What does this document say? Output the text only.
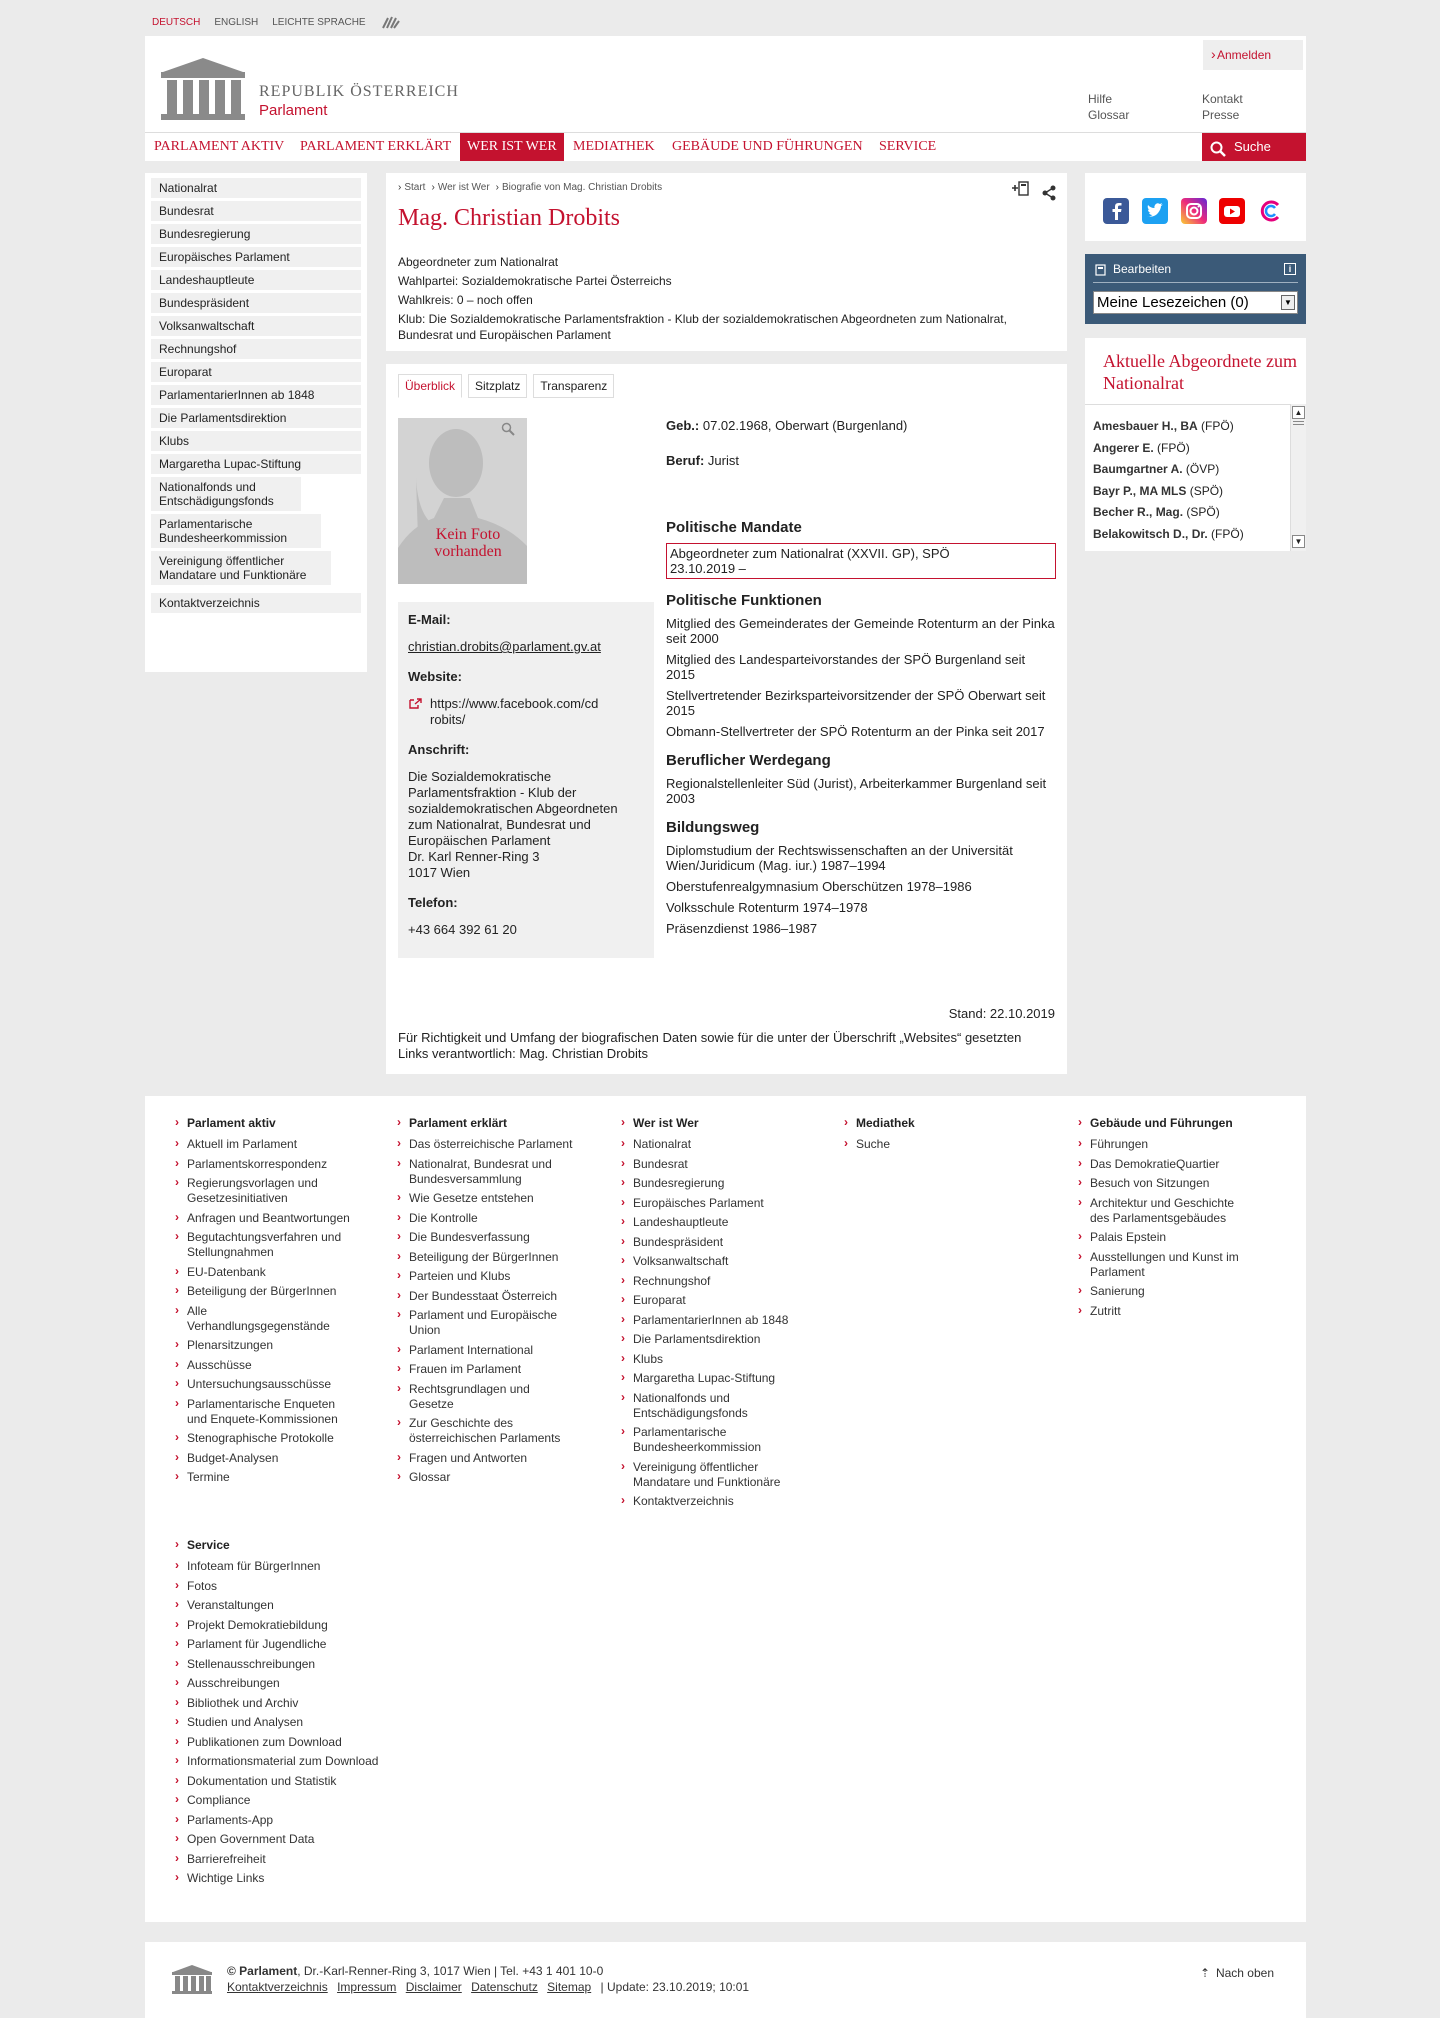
DEUTSCH ENGLISH LEICHTE SPRACHE
REPUBLIK ÖSTERREICH
Parlament
› Anmelden
Hilfe
Glossar
Kontakt
Presse
PARLAMENT AKTIV	PARLAMENT ERKLÄRT	WER IST WER	MEDIATHEK	GEBÄUDE UND FÜHRUNGEN	SERVICE	Suche
Nationalrat
Bundesrat
Bundesregierung
Europäisches Parlament
Landeshauptleute
Bundespräsident
Volksanwaltschaft
Rechnungshof
Europarat
ParlamentarierInnen ab 1848
Die Parlamentsdirektion
Klubs
Margaretha Lupac-Stiftung
Nationalfonds und Entschädigungsfonds
Parlamentarische Bundesheerkommission
Vereinigung öffentlicher Mandatare und Funktionäre
Kontaktverzeichnis
› Start	› Wer ist Wer	› Biografie von Mag. Christian Drobits
Mag. Christian Drobits
Abgeordneter zum Nationalrat
Wahlpartei: Sozialdemokratische Partei Österreichs
Wahlkreis: 0 – noch offen
Klub: Die Sozialdemokratische Parlamentsfraktion - Klub der sozialdemokratischen Abgeordneten zum Nationalrat, Bundesrat und Europäischen Parlament
Überblick	Sitzplatz	Transparenz
Kein Foto vorhanden
E-Mail:
christian.drobits@parlament.gv.at
Website:
https://www.facebook.com/cdrobits/
Anschrift:
Die Sozialdemokratische Parlamentsfraktion - Klub der sozialdemokratischen Abgeordneten zum Nationalrat, Bundesrat und Europäischen Parlament
Dr. Karl Renner-Ring 3
1017 Wien
Telefon:
+43 664 392 61 20
Geb.: 07.02.1968, Oberwart (Burgenland)
Beruf: Jurist
Politische Mandate
Abgeordneter zum Nationalrat (XXVII. GP), SPÖ
23.10.2019 –
Politische Funktionen
Mitglied des Gemeinderates der Gemeinde Rotenturm an der Pinka seit 2000
Mitglied des Landesparteivorstandes der SPÖ Burgenland seit 2015
Stellvertretender Bezirksparteivorsitzender der SPÖ Oberwart seit 2015
Obmann-Stellvertreter der SPÖ Rotenturm an der Pinka seit 2017
Beruflicher Werdegang
Regionalstellenleiter Süd (Jurist), Arbeiterkammer Burgenland seit 2003
Bildungsweg
Diplomstudium der Rechtswissenschaften an der Universität Wien/Juridicum (Mag. iur.) 1987–1994
Oberstufenrealgymnasium Oberschützen 1978–1986
Volksschule Rotenturm 1974–1978
Präsenzdienst 1986–1987
Stand: 22.10.2019
Für Richtigkeit und Umfang der biografischen Daten sowie für die unter der Überschrift „Websites“ gesetzten Links verantwortlich: Mag. Christian Drobits
Bearbeiten	i
Meine Lesezeichen (0)	▼
Aktuelle Abgeordnete zum Nationalrat
Amesbauer H., BA (FPÖ)
Angerer E. (FPÖ)
Baumgartner A. (ÖVP)
Bayr P., MA MLS (SPÖ)
Becher R., Mag. (SPÖ)
Belakowitsch D., Dr. (FPÖ)
▲
▼
› Parlament aktiv
› Aktuell im Parlament
› Parlamentskorrespondenz
› Regierungsvorlagen und Gesetzesinitiativen
› Anfragen und Beantwortungen
› Begutachtungsverfahren und Stellungnahmen
› EU-Datenbank
› Beteiligung der BürgerInnen
› Alle Verhandlungsgegenstände
› Plenarsitzungen
› Ausschüsse
› Untersuchungsausschüsse
› Parlamentarische Enqueten und Enquete-Kommissionen
› Stenographische Protokolle
› Budget-Analysen
› Termine
› Parlament erklärt
› Das österreichische Parlament
› Nationalrat, Bundesrat und Bundesversammlung
› Wie Gesetze entstehen
› Die Kontrolle
› Die Bundesverfassung
› Beteiligung der BürgerInnen
› Parteien und Klubs
› Der Bundesstaat Österreich
› Parlament und Europäische Union
› Parlament International
› Frauen im Parlament
› Rechtsgrundlagen und Gesetze
› Zur Geschichte des österreichischen Parlaments
› Fragen und Antworten
› Glossar
› Wer ist Wer
› Nationalrat
› Bundesrat
› Bundesregierung
› Europäisches Parlament
› Landeshauptleute
› Bundespräsident
› Volksanwaltschaft
› Rechnungshof
› Europarat
› ParlamentarierInnen ab 1848
› Die Parlamentsdirektion
› Klubs
› Margaretha Lupac-Stiftung
› Nationalfonds und Entschädigungsfonds
› Parlamentarische Bundesheerkommission
› Vereinigung öffentlicher Mandatare und Funktionäre
› Kontaktverzeichnis
› Mediathek
› Suche
› Gebäude und Führungen
› Führungen
› Das DemokratieQuartier
› Besuch von Sitzungen
› Architektur und Geschichte des Parlamentsgebäudes
› Palais Epstein
› Ausstellungen und Kunst im Parlament
› Sanierung
› Zutritt
› Service
› Infoteam für BürgerInnen
› Fotos
› Veranstaltungen
› Projekt Demokratiebildung
› Parlament für Jugendliche
› Stellenausschreibungen
› Ausschreibungen
› Bibliothek und Archiv
› Studien und Analysen
› Publikationen zum Download
› Informationsmaterial zum Download
› Dokumentation und Statistik
› Compliance
› Parlaments-App
› Open Government Data
› Barrierefreiheit
› Wichtige Links
© Parlament, Dr.-Karl-Renner-Ring 3, 1017 Wien | Tel. +43 1 401 10-0
Kontaktverzeichnis Impressum Disclaimer Datenschutz Sitemap | Update: 23.10.2019; 10:01
⇡ Nach oben
